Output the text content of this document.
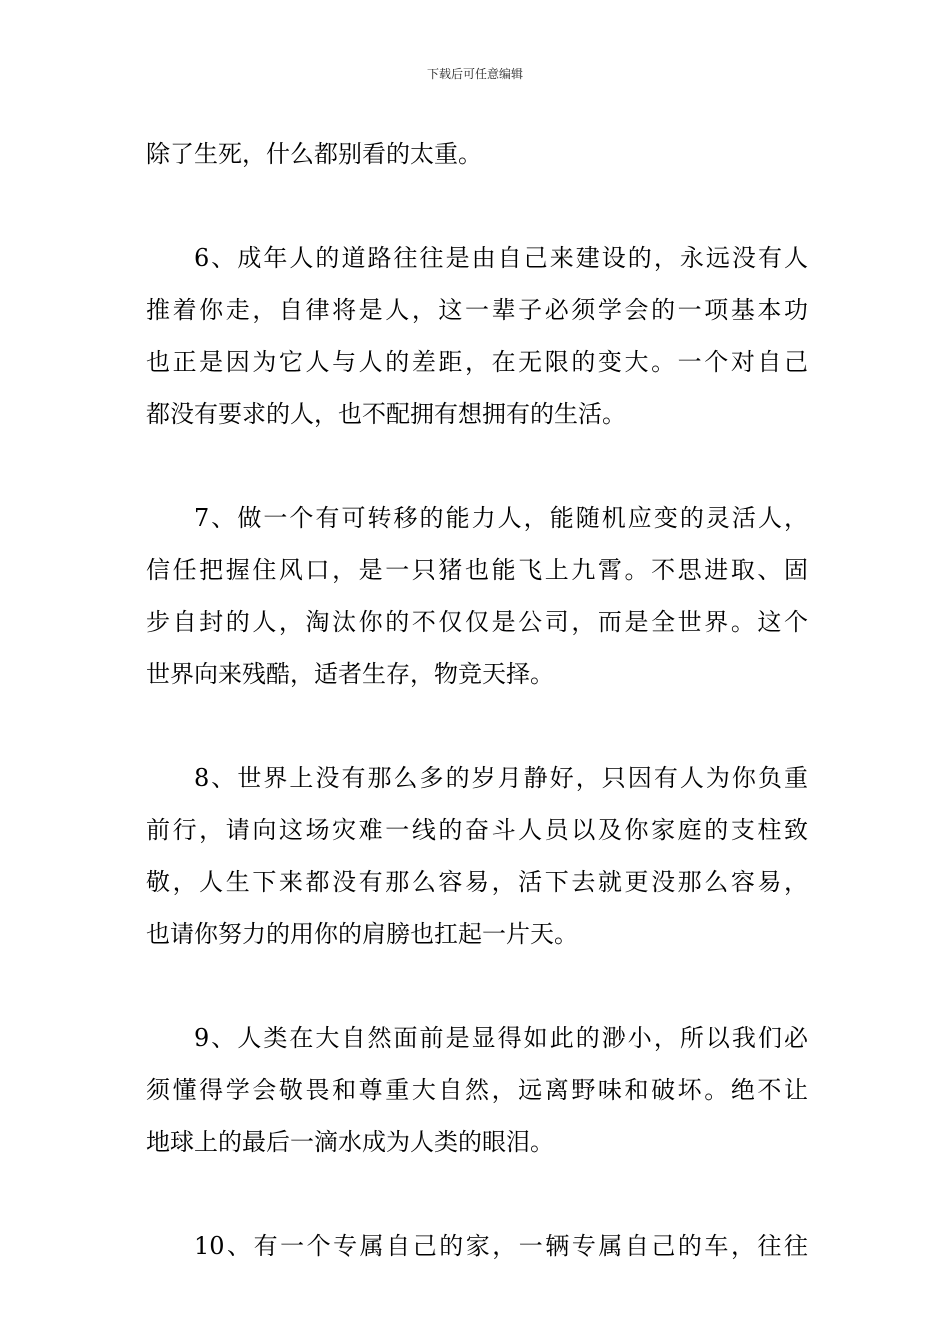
下载后可任意编辑
除了生死，什么都别看的太重。
6、成年人的道路往往是由自己来建设的，永远没有人
推着你走，自律将是人，这一辈子必须学会的一项基本功
也正是因为它人与人的差距，在无限的变大。一个对自己
都没有要求的人，也不配拥有想拥有的生活。
7、做一个有可转移的能力人，能随机应变的灵活人，
信任把握住风口，是一只猪也能飞上九霄。不思进取、固
步自封的人，淘汰你的不仅仅是公司，而是全世界。这个
世界向来残酷，适者生存，物竞天择。
8、世界上没有那么多的岁月静好，只因有人为你负重
前行，请向这场灾难一线的奋斗人员以及你家庭的支柱致
敬，人生下来都没有那么容易，活下去就更没那么容易，
也请你努力的用你的肩膀也扛起一片天。
9、人类在大自然面前是显得如此的渺小，所以我们必
须懂得学会敬畏和尊重大自然，远离野味和破坏。绝不让
地球上的最后一滴水成为人类的眼泪。
10、有一个专属自己的家，一辆专属自己的车，往往
